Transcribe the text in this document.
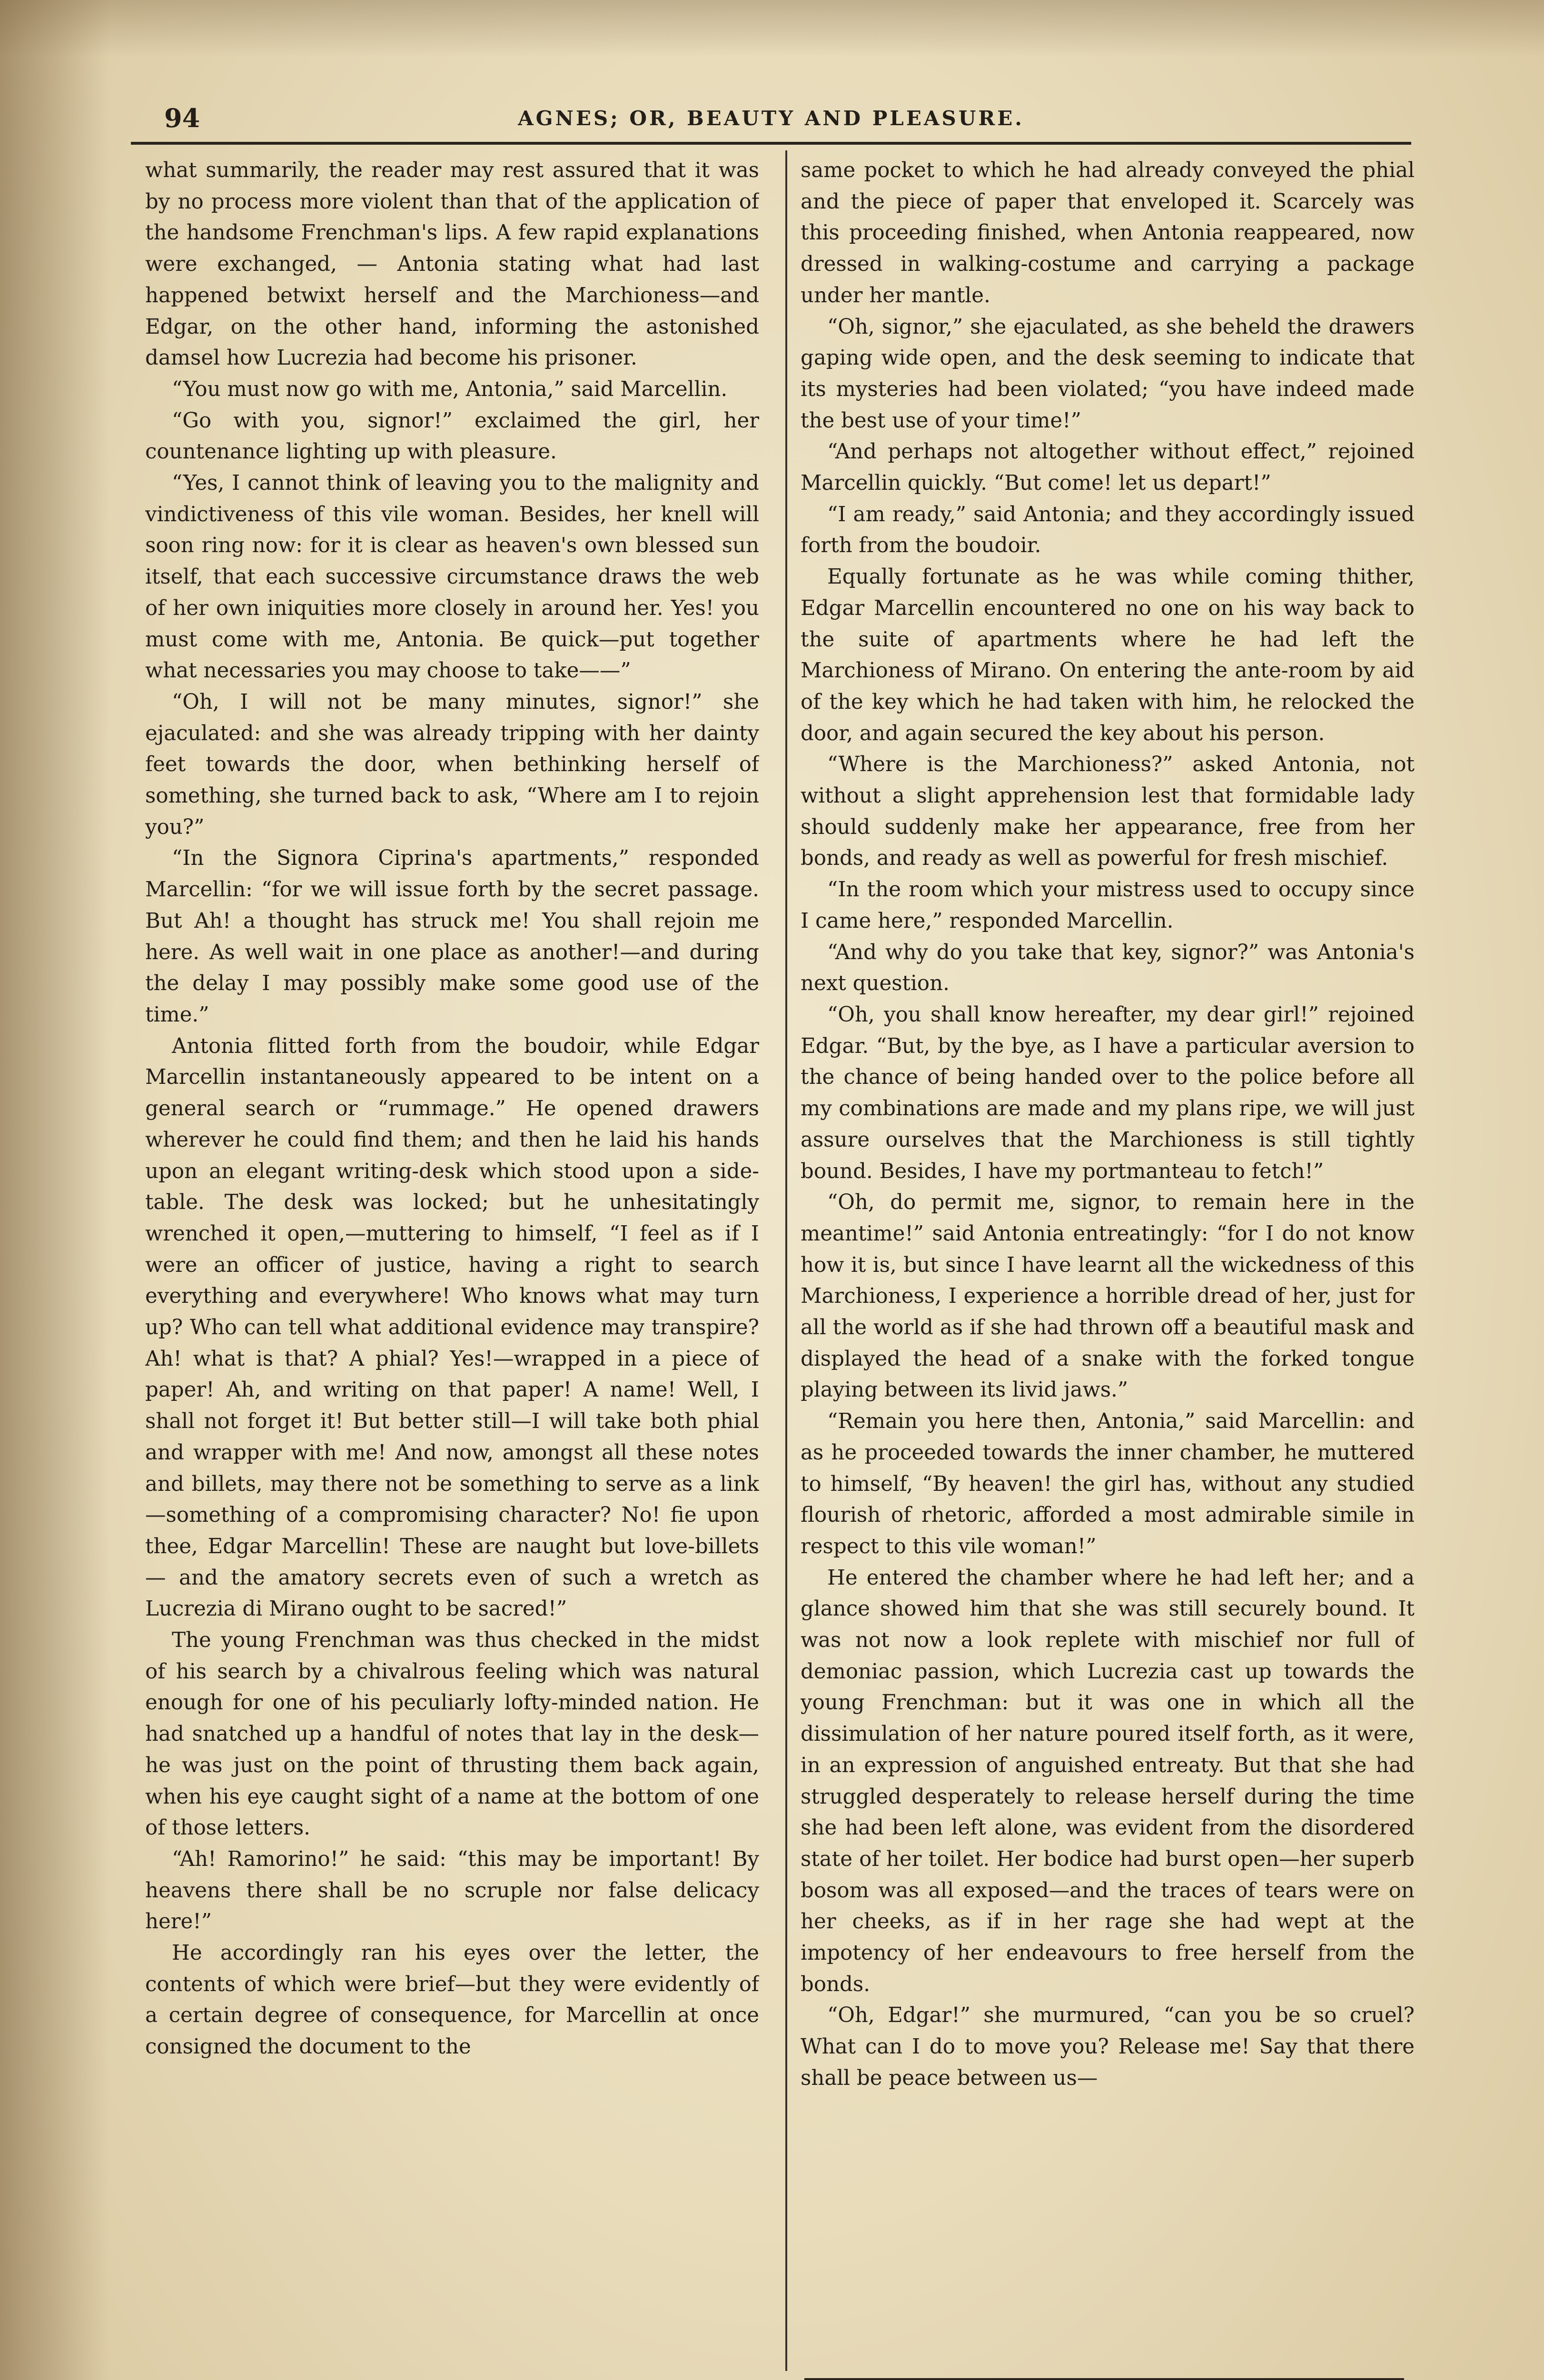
94	AGNES; OR, BEAUTY AND PLEASURE.

what summarily, the reader may rest assured that it was by no process more violent than that of the application of the handsome Frenchman's lips. A few rapid explanations were exchanged, — Antonia stating what had last happened betwixt herself and the Marchioness—and Edgar, on the other hand, informing the astonished damsel how Lucrezia had become his prisoner.

“You must now go with me, Antonia,” said Marcellin.

“Go with you, signor!” exclaimed the girl, her countenance lighting up with pleasure.

“Yes, I cannot think of leaving you to the malignity and vindictiveness of this vile woman. Besides, her knell will soon ring now: for it is clear as heaven's own blessed sun itself, that each successive circumstance draws the web of her own iniquities more closely in around her. Yes! you must come with me, Antonia. Be quick—put together what necessaries you may choose to take——”

“Oh, I will not be many minutes, signor!” she ejaculated: and she was already tripping with her dainty feet towards the door, when bethinking herself of something, she turned back to ask, “Where am I to rejoin you?”

“In the Signora Ciprina's apartments,” responded Marcellin: “for we will issue forth by the secret passage. But Ah! a thought has struck me! You shall rejoin me here. As well wait in one place as another!—and during the delay I may possibly make some good use of the time.”

Antonia flitted forth from the boudoir, while Edgar Marcellin instantaneously appeared to be intent on a general search or “rummage.” He opened drawers wherever he could find them; and then he laid his hands upon an elegant writing-desk which stood upon a side-table. The desk was locked; but he unhesitatingly wrenched it open,—muttering to himself, “I feel as if I were an officer of justice, having a right to search everything and everywhere! Who knows what may turn up? Who can tell what additional evidence may transpire? Ah! what is that? A phial? Yes!—wrapped in a piece of paper! Ah, and writing on that paper! A name! Well, I shall not forget it! But better still—I will take both phial and wrapper with me! And now, amongst all these notes and billets, may there not be something to serve as a link—something of a compromising character? No! fie upon thee, Edgar Marcellin! These are naught but love-billets — and the amatory secrets even of such a wretch as Lucrezia di Mirano ought to be sacred!”

The young Frenchman was thus checked in the midst of his search by a chivalrous feeling which was natural enough for one of his peculiarly lofty-minded nation. He had snatched up a handful of notes that lay in the desk—he was just on the point of thrusting them back again, when his eye caught sight of a name at the bottom of one of those letters.

“Ah! Ramorino!” he said: “this may be important! By heavens there shall be no scruple nor false delicacy here!”

He accordingly ran his eyes over the letter, the contents of which were brief—but they were evidently of a certain degree of consequence, for Marcellin at once consigned the document to the

same pocket to which he had already conveyed the phial and the piece of paper that enveloped it. Scarcely was this proceeding finished, when Antonia reappeared, now dressed in walking-costume and carrying a package under her mantle.

“Oh, signor,” she ejaculated, as she beheld the drawers gaping wide open, and the desk seeming to indicate that its mysteries had been violated; “you have indeed made the best use of your time!”

“And perhaps not altogether without effect,” rejoined Marcellin quickly. “But come! let us depart!”

“I am ready,” said Antonia; and they accordingly issued forth from the boudoir.

Equally fortunate as he was while coming thither, Edgar Marcellin encountered no one on his way back to the suite of apartments where he had left the Marchioness of Mirano. On entering the ante-room by aid of the key which he had taken with him, he relocked the door, and again secured the key about his person.

“Where is the Marchioness?” asked Antonia, not without a slight apprehension lest that formidable lady should suddenly make her appearance, free from her bonds, and ready as well as powerful for fresh mischief.

“In the room which your mistress used to occupy since I came here,” responded Marcellin.

“And why do you take that key, signor?” was Antonia's next question.

“Oh, you shall know hereafter, my dear girl!” rejoined Edgar. “But, by the bye, as I have a particular aversion to the chance of being handed over to the police before all my combinations are made and my plans ripe, we will just assure ourselves that the Marchioness is still tightly bound. Besides, I have my portmanteau to fetch!”

“Oh, do permit me, signor, to remain here in the meantime!” said Antonia entreatingly: “for I do not know how it is, but since I have learnt all the wickedness of this Marchioness, I experience a horrible dread of her, just for all the world as if she had thrown off a beautiful mask and displayed the head of a snake with the forked tongue playing between its livid jaws.”

“Remain you here then, Antonia,” said Marcellin: and as he proceeded towards the inner chamber, he muttered to himself, “By heaven! the girl has, without any studied flourish of rhetoric, afforded a most admirable simile in respect to this vile woman!”

He entered the chamber where he had left her; and a glance showed him that she was still securely bound. It was not now a look replete with mischief nor full of demoniac passion, which Lucrezia cast up towards the young Frenchman: but it was one in which all the dissimulation of her nature poured itself forth, as it were, in an expression of anguished entreaty. But that she had struggled desperately to release herself during the time she had been left alone, was evident from the disordered state of her toilet. Her bodice had burst open—her superb bosom was all exposed—and the traces of tears were on her cheeks, as if in her rage she had wept at the impotency of her endeavours to free herself from the bonds.

“Oh, Edgar!” she murmured, “can you be so cruel? What can I do to move you? Release me! Say that there shall be peace between us—
